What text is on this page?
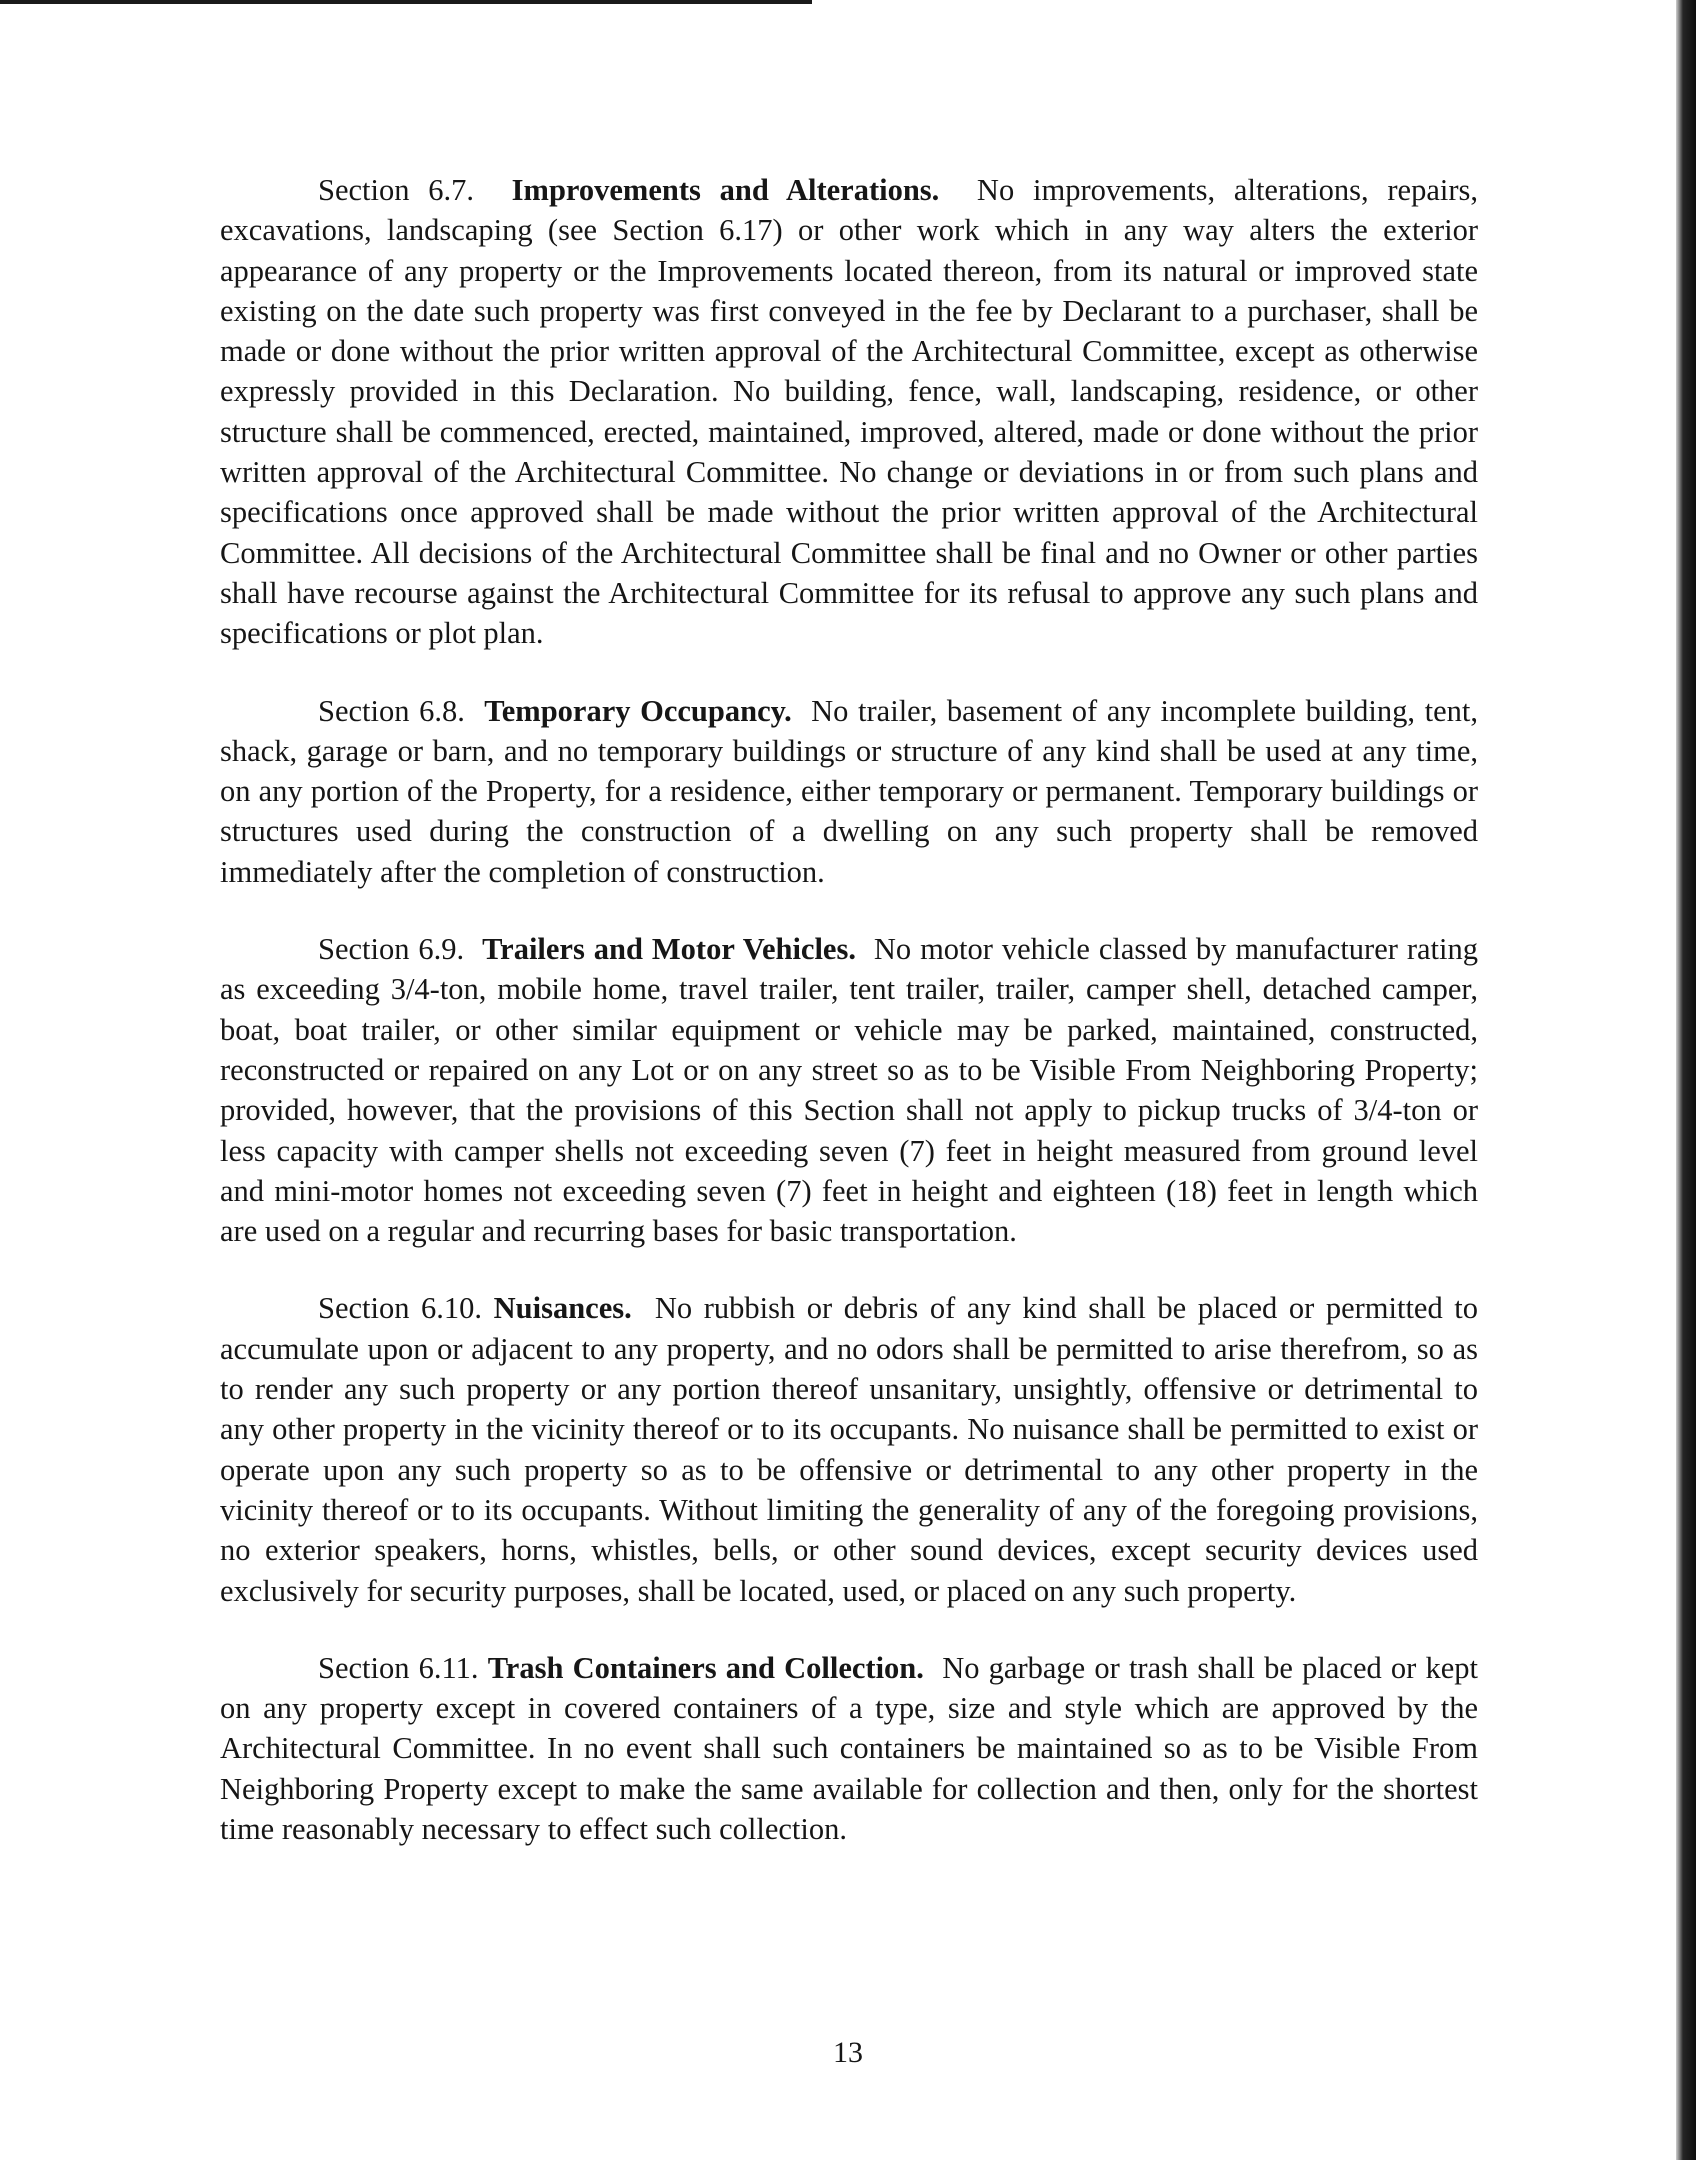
Section 6.7. Improvements and Alterations. No improvements, alterations, repairs, excavations, landscaping (see Section 6.17) or other work which in any way alters the exterior appearance of any property or the Improvements located thereon, from its natural or improved state existing on the date such property was first conveyed in the fee by Declarant to a purchaser, shall be made or done without the prior written approval of the Architectural Committee, except as otherwise expressly provided in this Declaration. No building, fence, wall, landscaping, residence, or other structure shall be commenced, erected, maintained, improved, altered, made or done without the prior written approval of the Architectural Committee. No change or deviations in or from such plans and specifications once approved shall be made without the prior written approval of the Architectural Committee. All decisions of the Architectural Committee shall be final and no Owner or other parties shall have recourse against the Architectural Committee for its refusal to approve any such plans and specifications or plot plan.

Section 6.8. Temporary Occupancy. No trailer, basement of any incomplete building, tent, shack, garage or barn, and no temporary buildings or structure of any kind shall be used at any time, on any portion of the Property, for a residence, either temporary or permanent. Temporary buildings or structures used during the construction of a dwelling on any such property shall be removed immediately after the completion of construction.

Section 6.9. Trailers and Motor Vehicles. No motor vehicle classed by manufacturer rating as exceeding 3/4-ton, mobile home, travel trailer, tent trailer, trailer, camper shell, detached camper, boat, boat trailer, or other similar equipment or vehicle may be parked, maintained, constructed, reconstructed or repaired on any Lot or on any street so as to be Visible From Neighboring Property; provided, however, that the provisions of this Section shall not apply to pickup trucks of 3/4-ton or less capacity with camper shells not exceeding seven (7) feet in height measured from ground level and mini-motor homes not exceeding seven (7) feet in height and eighteen (18) feet in length which are used on a regular and recurring bases for basic transportation.

Section 6.10. Nuisances. No rubbish or debris of any kind shall be placed or permitted to accumulate upon or adjacent to any property, and no odors shall be permitted to arise therefrom, so as to render any such property or any portion thereof unsanitary, unsightly, offensive or detrimental to any other property in the vicinity thereof or to its occupants. No nuisance shall be permitted to exist or operate upon any such property so as to be offensive or detrimental to any other property in the vicinity thereof or to its occupants. Without limiting the generality of any of the foregoing provisions, no exterior speakers, horns, whistles, bells, or other sound devices, except security devices used exclusively for security purposes, shall be located, used, or placed on any such property.

Section 6.11. Trash Containers and Collection. No garbage or trash shall be placed or kept on any property except in covered containers of a type, size and style which are approved by the Architectural Committee. In no event shall such containers be maintained so as to be Visible From Neighboring Property except to make the same available for collection and then, only for the shortest time reasonably necessary to effect such collection.

13
